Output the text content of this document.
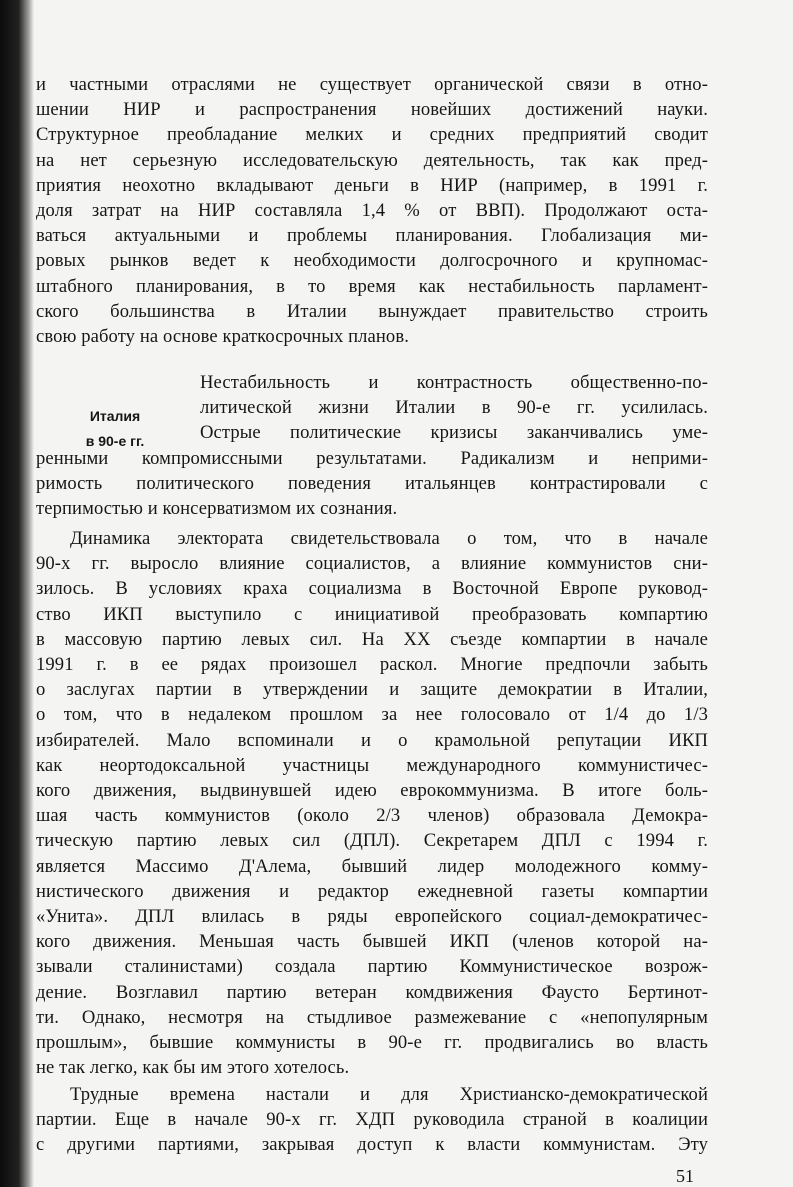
и частными отраслями не существует органической связи в отно-
шении НИР и распространения новейших достижений науки.
Структурное преобладание мелких и средних предприятий сводит
на нет серьезную исследовательскую деятельность, так как пред-
приятия неохотно вкладывают деньги в НИР (например, в 1991 г.
доля затрат на НИР составляла 1,4 % от ВВП). Продолжают оста-
ваться актуальными и проблемы планирования. Глобализация ми-
ровых рынков ведет к необходимости долгосрочного и крупномас-
штабного планирования, в то время как нестабильность парламент-
ского большинства в Италии вынуждает правительство строить
свою работу на основе краткосрочных планов.
Италия
в 90-е гг.
Нестабильность и контрастность общественно-по-
литической жизни Италии в 90-е гг. усилилась.
Острые политические кризисы заканчивались уме-
ренными компромиссными результатами. Радикализм и неприми-
римость политического поведения итальянцев контрастировали с
терпимостью и консерватизмом их сознания.
Динамика электората свидетельствовала о том, что в начале
90-х гг. выросло влияние социалистов, а влияние коммунистов сни-
зилось. В условиях краха социализма в Восточной Европе руковод-
ство ИКП выступило с инициативой преобразовать компартию
в массовую партию левых сил. На XX съезде компартии в начале
1991 г. в ее рядах произошел раскол. Многие предпочли забыть
о заслугах партии в утверждении и защите демократии в Италии,
о том, что в недалеком прошлом за нее голосовало от 1/4 до 1/3
избирателей. Мало вспоминали и о крамольной репутации ИКП
как неортодоксальной участницы международного коммунистичес-
кого движения, выдвинувшей идею еврокоммунизма. В итоге боль-
шая часть коммунистов (около 2/3 членов) образовала Демокра-
тическую партию левых сил (ДПЛ). Секретарем ДПЛ с 1994 г.
является Массимо Д'Алема, бывший лидер молодежного комму-
нистического движения и редактор ежедневной газеты компартии
«Унита». ДПЛ влилась в ряды европейского социал-демократичес-
кого движения. Меньшая часть бывшей ИКП (членов которой на-
зывали сталинистами) создала партию Коммунистическое возрож-
дение. Возглавил партию ветеран комдвижения Фаусто Бертинот-
ти. Однако, несмотря на стыдливое размежевание с «непопулярным
прошлым», бывшие коммунисты в 90-е гг. продвигались во власть
не так легко, как бы им этого хотелось.
Трудные времена настали и для Христианско-демократической
партии. Еще в начале 90-х гг. ХДП руководила страной в коалиции
с другими партиями, закрывая доступ к власти коммунистам. Эту
51
